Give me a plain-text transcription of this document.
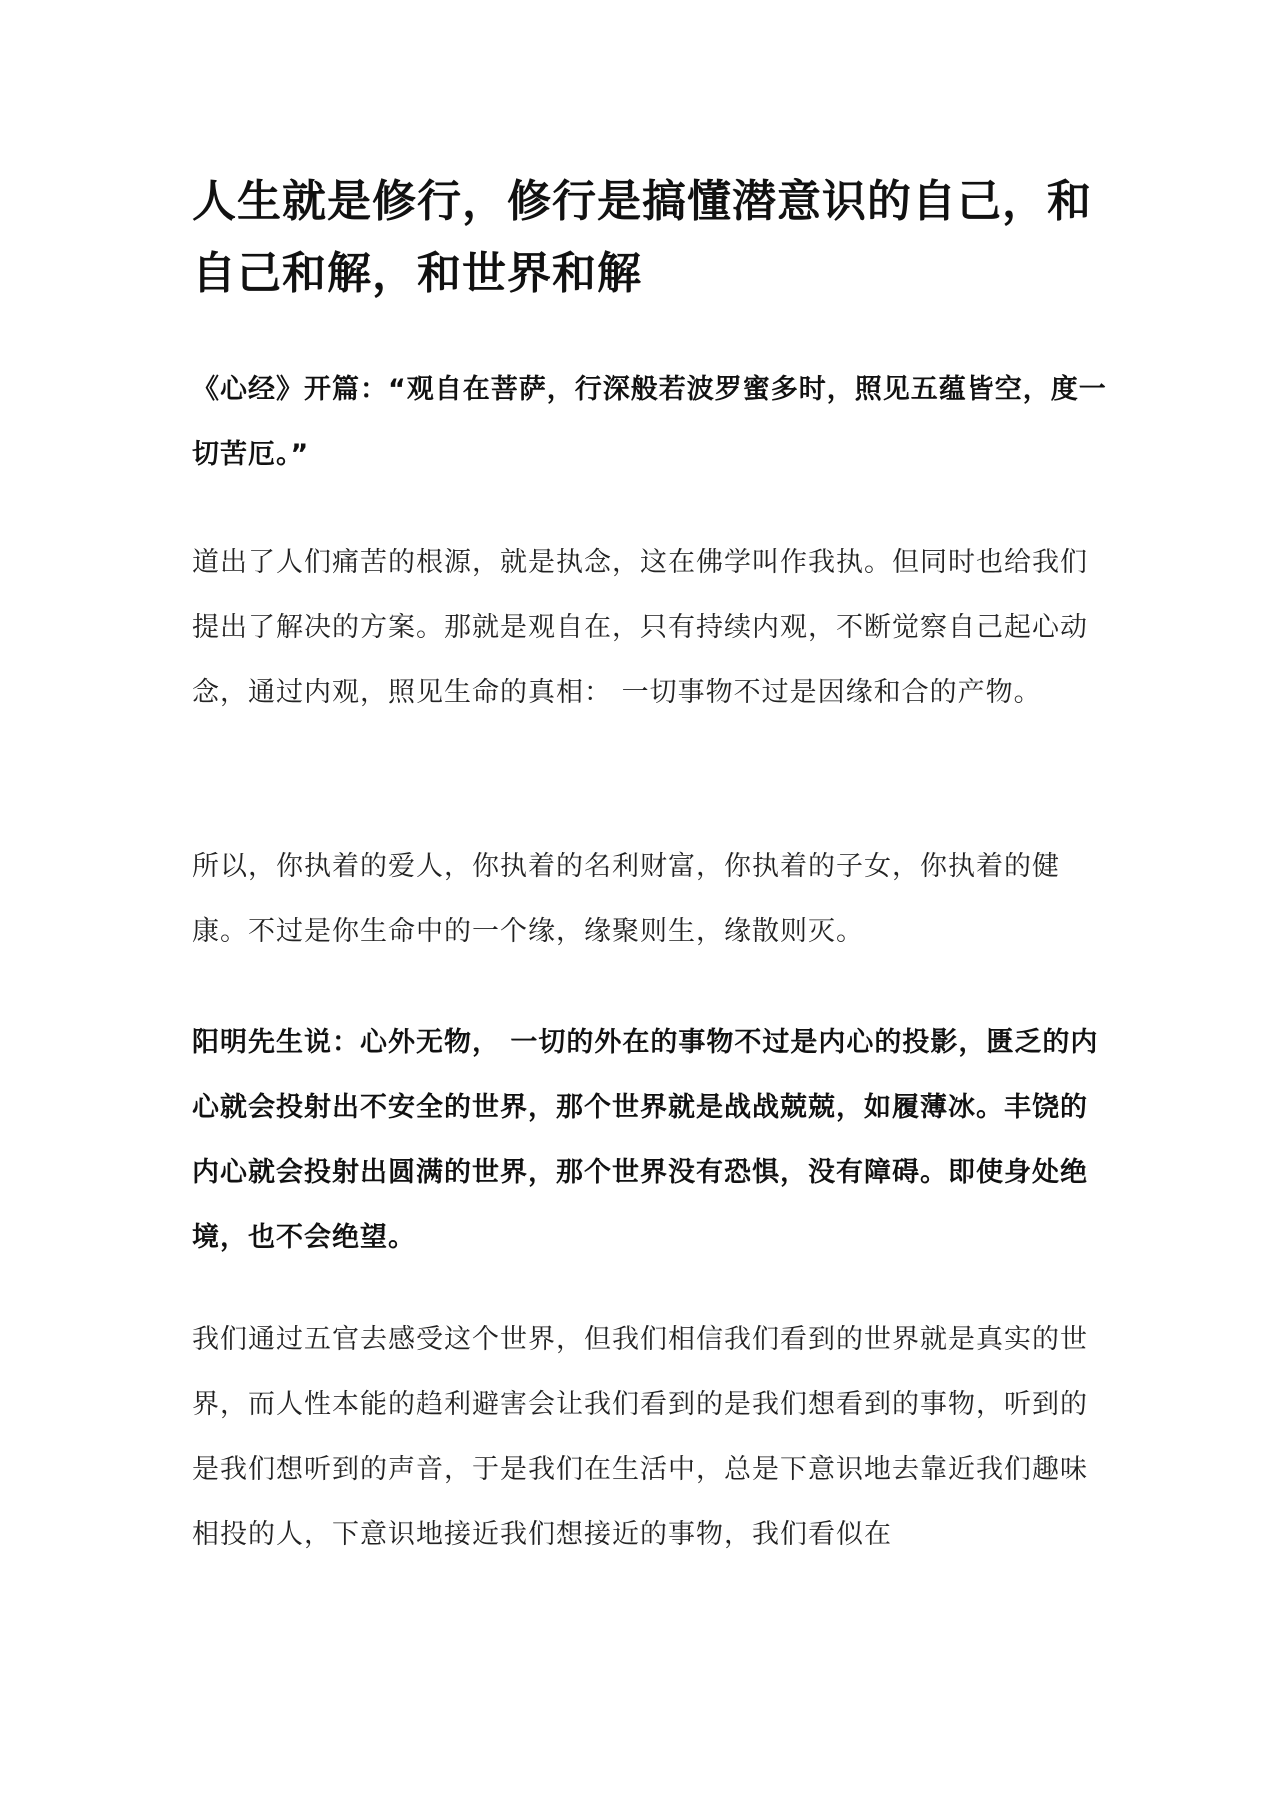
人生就是修行，修行是搞懂潜意识的自己，和自己和解，和世界和解

《心经》开篇：“观自在菩萨，行深般若波罗蜜多时，照见五蕴皆空，度一切苦厄。”

道出了人们痛苦的根源，就是执念，这在佛学叫作我执。但同时也给我们提出了解决的方案。那就是观自在，只有持续内观，不断觉察自己起心动念，通过内观，照见生命的真相： 一切事物不过是因缘和合的产物。

所以，你执着的爱人，你执着的名利财富，你执着的子女，你执着的健康。不过是你生命中的一个缘，缘聚则生，缘散则灭。

阳明先生说：心外无物， 一切的外在的事物不过是内心的投影，匮乏的内心就会投射出不安全的世界，那个世界就是战战兢兢，如履薄冰。丰饶的内心就会投射出圆满的世界，那个世界没有恐惧，没有障碍。即使身处绝境，也不会绝望。

我们通过五官去感受这个世界，但我们相信我们看到的世界就是真实的世界，而人性本能的趋利避害会让我们看到的是我们想看到的事物，听到的是我们想听到的声音，于是我们在生活中，总是下意识地去靠近我们趣味相投的人，下意识地接近我们想接近的事物，我们看似在
